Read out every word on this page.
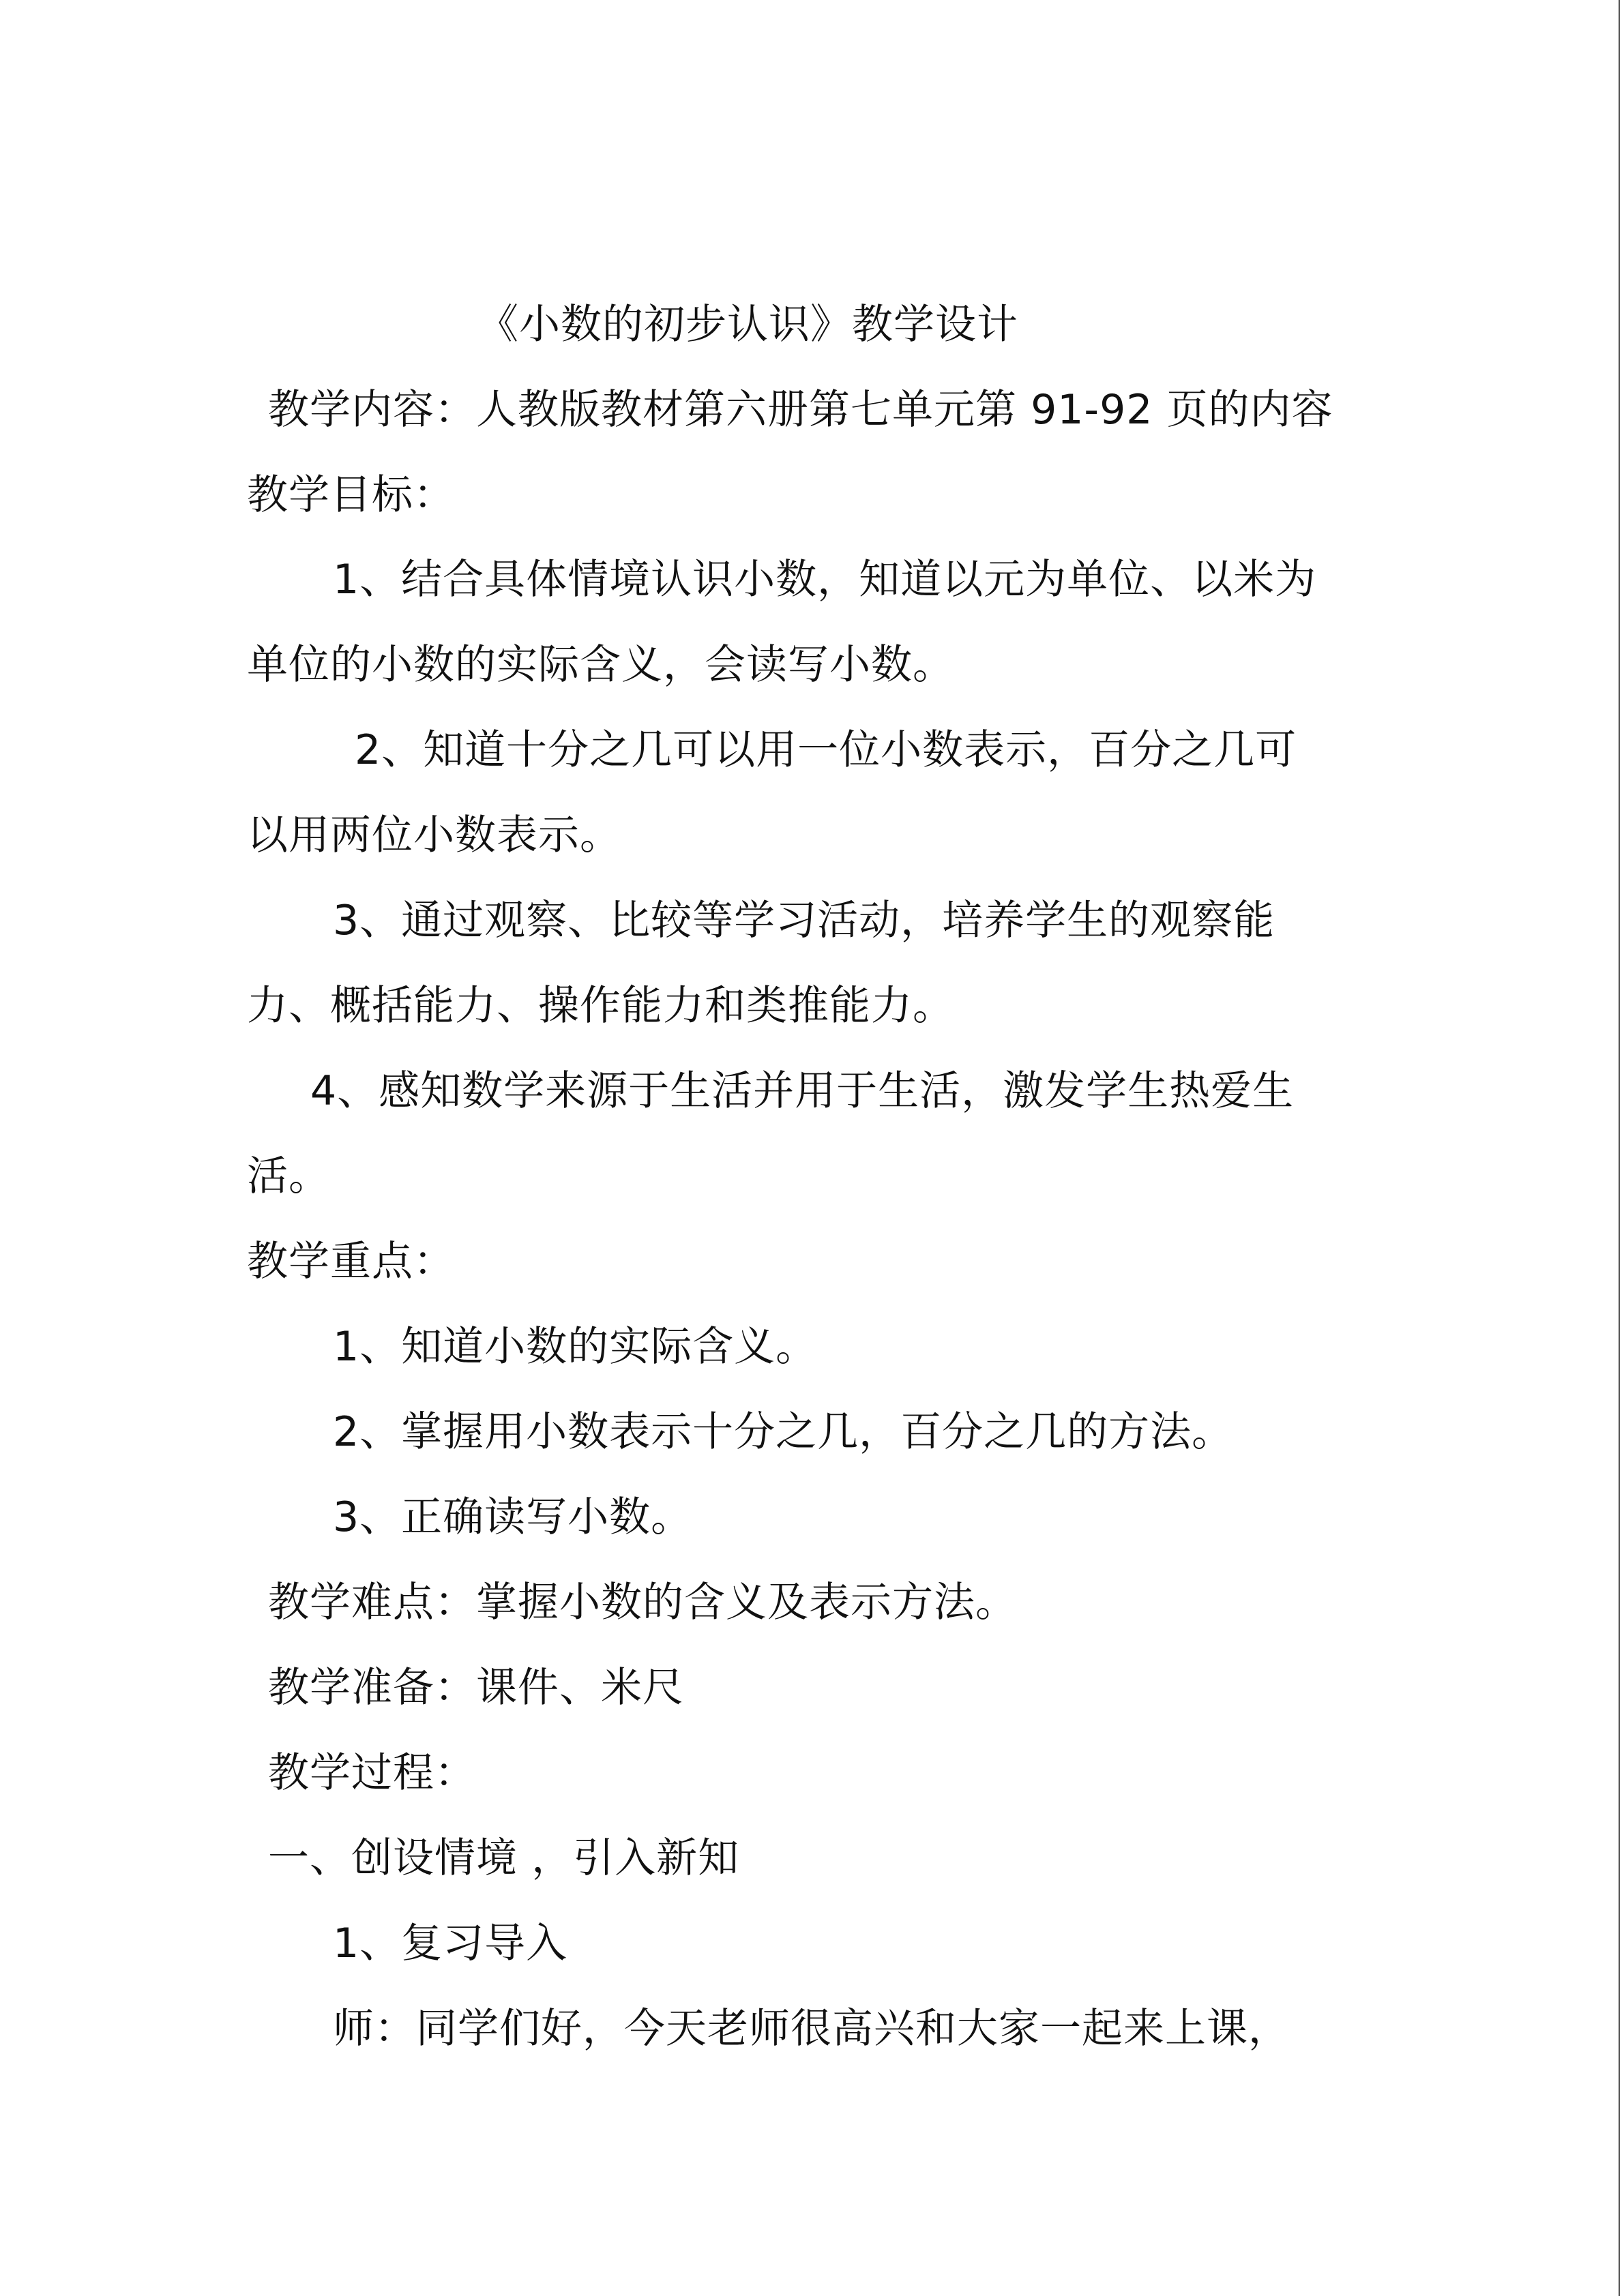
《小数的初步认识》教学设计
教学内容：人教版教材第六册第七单元第 91-92 页的内容
教学目标：
1、结合具体情境认识小数，知道以元为单位、以米为
单位的小数的实际含义，会读写小数。
2、知道十分之几可以用一位小数表示，百分之几可
以用两位小数表示。
3、通过观察、比较等学习活动，培养学生的观察能
力、概括能力、操作能力和类推能力。
4、感知数学来源于生活并用于生活，激发学生热爱生
活。
教学重点：
1、知道小数的实际含义。
2、掌握用小数表示十分之几，百分之几的方法。
3、正确读写小数。
教学难点：掌握小数的含义及表示方法。
教学准备：课件、米尺
教学过程：
一、创设情境 ，引入新知
1、复习导入
师：同学们好，今天老师很高兴和大家一起来上课，
